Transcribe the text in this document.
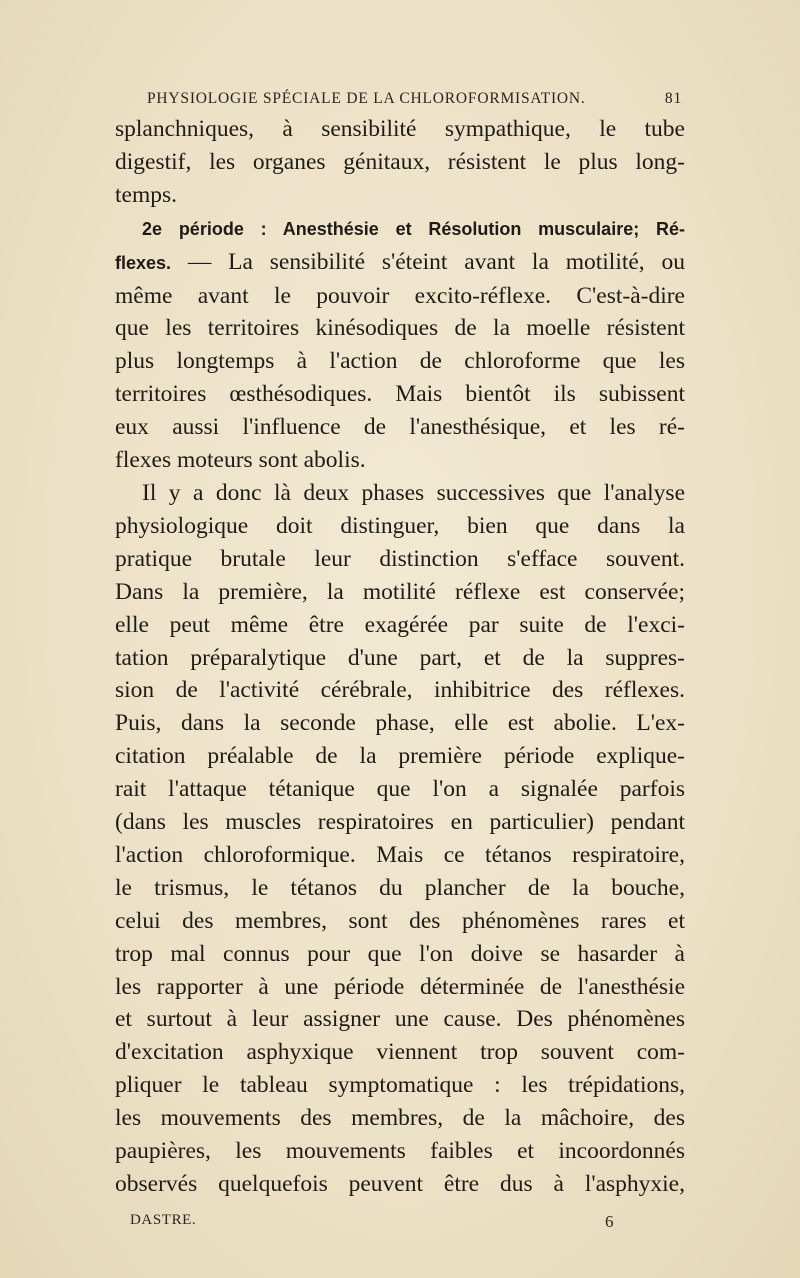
PHYSIOLOGIE SPÉCIALE DE LA CHLOROFORMISATION.	81

splanchniques, à sensibilité sympathique, le tube
digestif, les organes génitaux, résistent le plus long-
temps.

2e période : Anesthésie et Résolution musculaire; Ré-
flexes. — La sensibilité s'éteint avant la motilité, ou
même avant le pouvoir excito-réflexe. C'est-à-dire
que les territoires kinésodiques de la moelle résistent
plus longtemps à l'action de chloroforme que les
territoires œsthésodiques. Mais bientôt ils subissent
eux aussi l'influence de l'anesthésique, et les ré-
flexes moteurs sont abolis.

Il y a donc là deux phases successives que l'analyse
physiologique doit distinguer, bien que dans la
pratique brutale leur distinction s'efface souvent.
Dans la première, la motilité réflexe est conservée;
elle peut même être exagérée par suite de l'exci-
tation préparalytique d'une part, et de la suppres-
sion de l'activité cérébrale, inhibitrice des réflexes.
Puis, dans la seconde phase, elle est abolie. L'ex-
citation préalable de la première période explique-
rait l'attaque tétanique que l'on a signalée parfois
(dans les muscles respiratoires en particulier) pendant
l'action chloroformique. Mais ce tétanos respiratoire,
le trismus, le tétanos du plancher de la bouche,
celui des membres, sont des phénomènes rares et
trop mal connus pour que l'on doive se hasarder à
les rapporter à une période déterminée de l'anesthésie
et surtout à leur assigner une cause. Des phénomènes
d'excitation asphyxique viennent trop souvent com-
pliquer le tableau symptomatique : les trépidations,
les mouvements des membres, de la mâchoire, des
paupières, les mouvements faibles et incoordonnés
observés quelquefois peuvent être dus à l'asphyxie,

DASTRE.	6
